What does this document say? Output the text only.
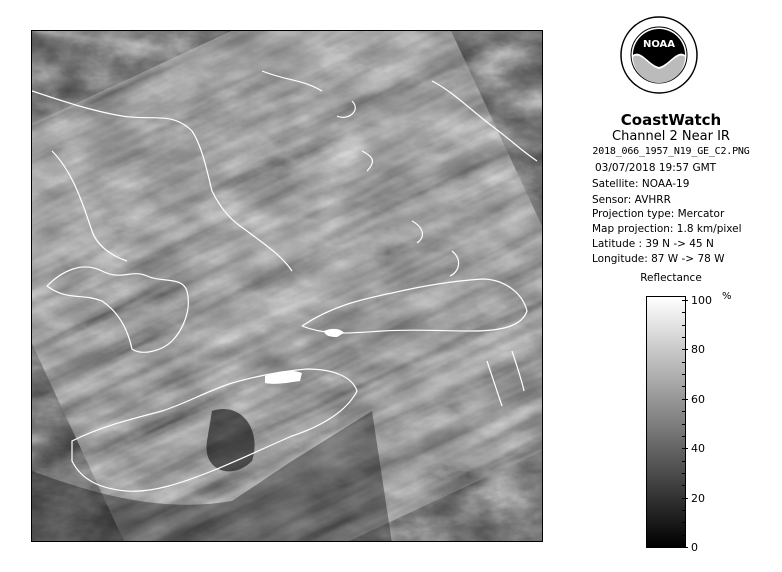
NOAA
CoastWatch
Channel 2 Near IR
2018_066_1957_N19_GE_C2.PNG
03/07/2018 19:57 GMT
Satellite: NOAA-19
Sensor: AVHRR
Projection type: Mercator
Map projection: 1.8 km/pixel
Latitude : 39 N -> 45 N
Longitude: 87 W -> 78 W
Reflectance
%
100
80
60
40
20
0
